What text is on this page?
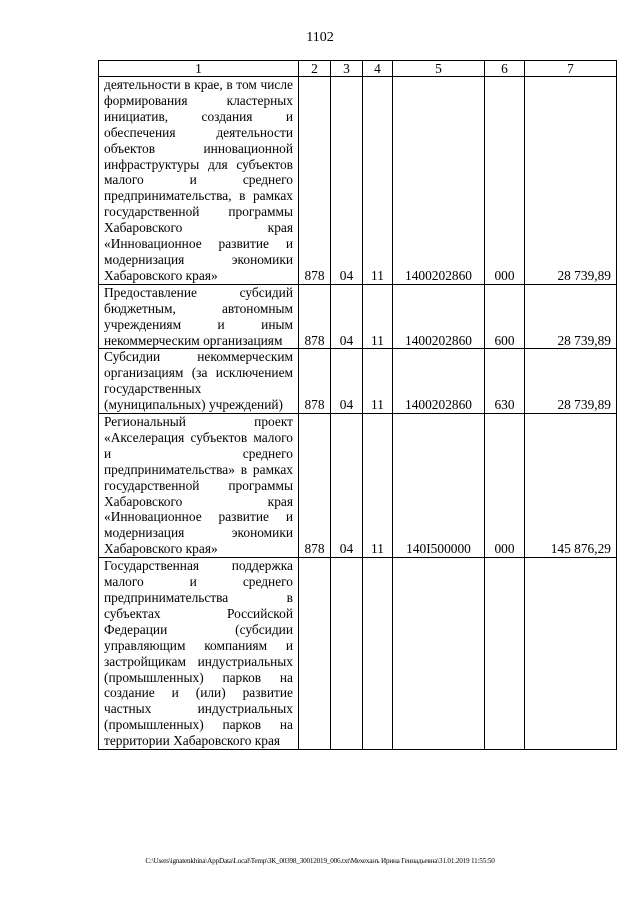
1102
1	2	3	4	5	6	7
деятельности в крае, в том числе формирования кластерных инициатив, создания и обеспечения деятельности объектов инновационной инфраструктуры для субъектов малого и среднего предпринимательства, в рамках государственной программы Хабаровского края «Инновационное развитие и модернизация экономики Хабаровского края»	878	04	11	1400202860	000	28 739,89
Предоставление субсидий бюджетным, автономным учреждениям и иным некоммерческим организациям	878	04	11	1400202860	600	28 739,89
Субсидии некоммерческим организациям (за исключением государственных (муниципальных) учреждений)	878	04	11	1400202860	630	28 739,89
Региональный проект «Акселерация субъектов малого и среднего предпринимательства» в рамках государственной программы Хабаровского края «Инновационное развитие и модернизация экономики Хабаровского края»	878	04	11	140I500000	000	145 876,29
Государственная поддержка малого и среднего предпринимательства в субъектах Российской Федерации (субсидии управляющим компаниям и застройщикам индустриальных (промышленных) парков на создание и (или) развитие частных индустриальных (промышленных) парков на территории Хабаровского края						
C:\Users\ignatenkhina\AppData\Local\Temp\ЗК_00398_30012019_006.txt\Мехеханъ Ирина Геннадьевна\31.01.2019 11:55:50
